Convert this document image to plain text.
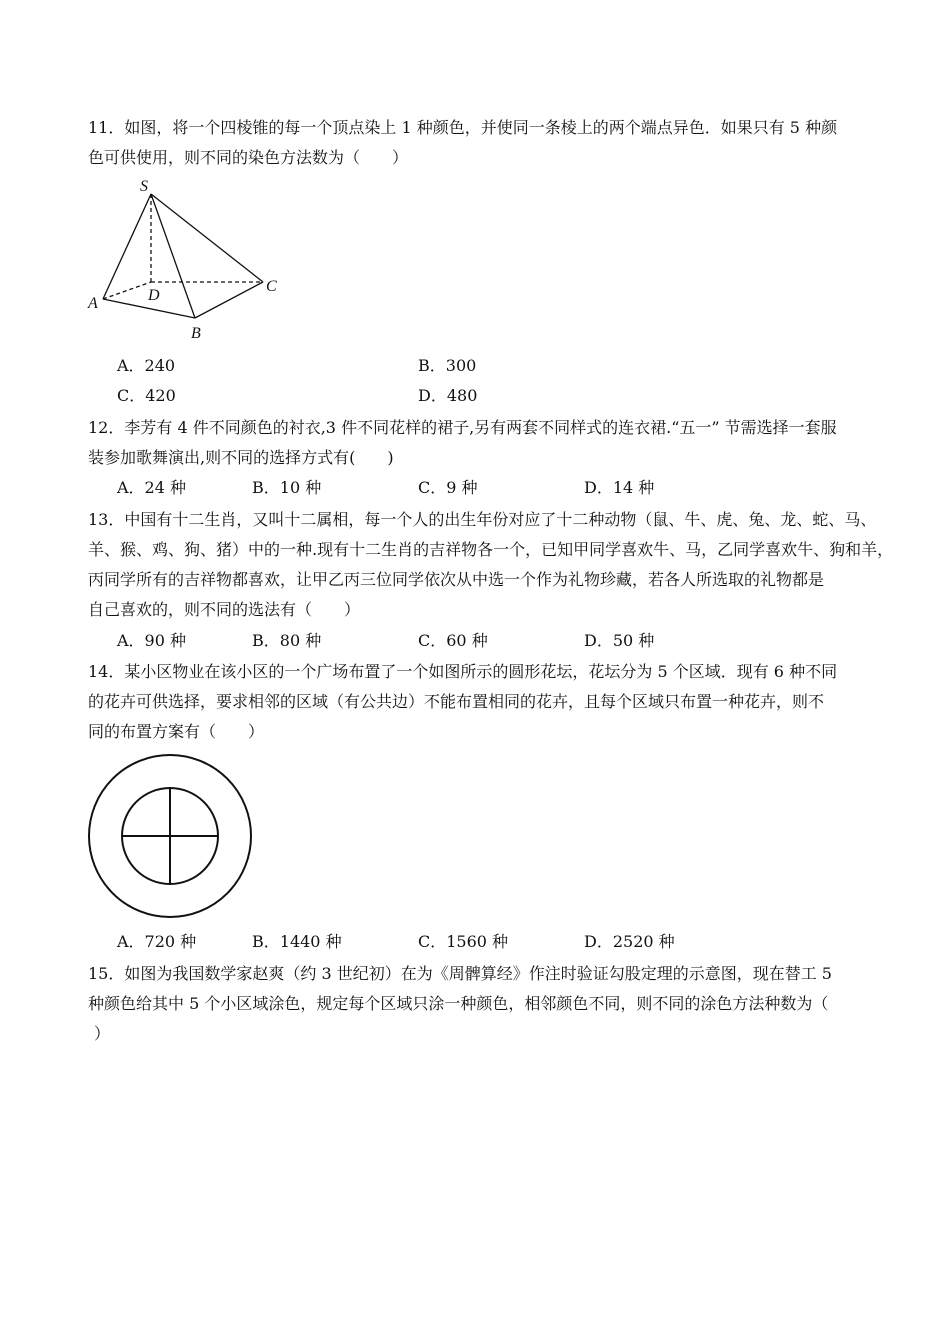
11．如图，将一个四棱锥的每一个顶点染上 1 种颜色，并使同一条棱上的两个端点异色．如果只有 5 种颜
色可供使用，则不同的染色方法数为（　　）
S
A
B
C
D
A．240	B．300
C．420	D．480
12．李芳有 4 件不同颜色的衬衣,3 件不同花样的裙子,另有两套不同样式的连衣裙.“五一” 节需选择一套服
装参加歌舞演出,则不同的选择方式有(　　)
A．24 种	B．10 种	C．9 种	D．14 种
13．中国有十二生肖，又叫十二属相，每一个人的出生年份对应了十二种动物（鼠、牛、虎、兔、龙、蛇、马、
羊、猴、鸡、狗、猪）中的一种.现有十二生肖的吉祥物各一个，已知甲同学喜欢牛、马，乙同学喜欢牛、狗和羊，
丙同学所有的吉祥物都喜欢，让甲乙丙三位同学依次从中选一个作为礼物珍藏，若各人所选取的礼物都是
自己喜欢的，则不同的选法有（　　）
A．90 种	B．80 种	C．60 种	D．50 种
14．某小区物业在该小区的一个广场布置了一个如图所示的圆形花坛，花坛分为 5 个区域．现有 6 种不同
的花卉可供选择，要求相邻的区域（有公共边）不能布置相同的花卉，且每个区域只布置一种花卉，则不
同的布置方案有（　　）
A．720 种	B．1440 种	C．1560 种	D．2520 种
15．如图为我国数学家赵爽（约 3 世纪初）在为《周髀算经》作注时验证勾股定理的示意图，现在替工 5
种颜色给其中 5 个小区域涂色，规定每个区域只涂一种颜色，相邻颜色不同，则不同的涂色方法种数为（
）
